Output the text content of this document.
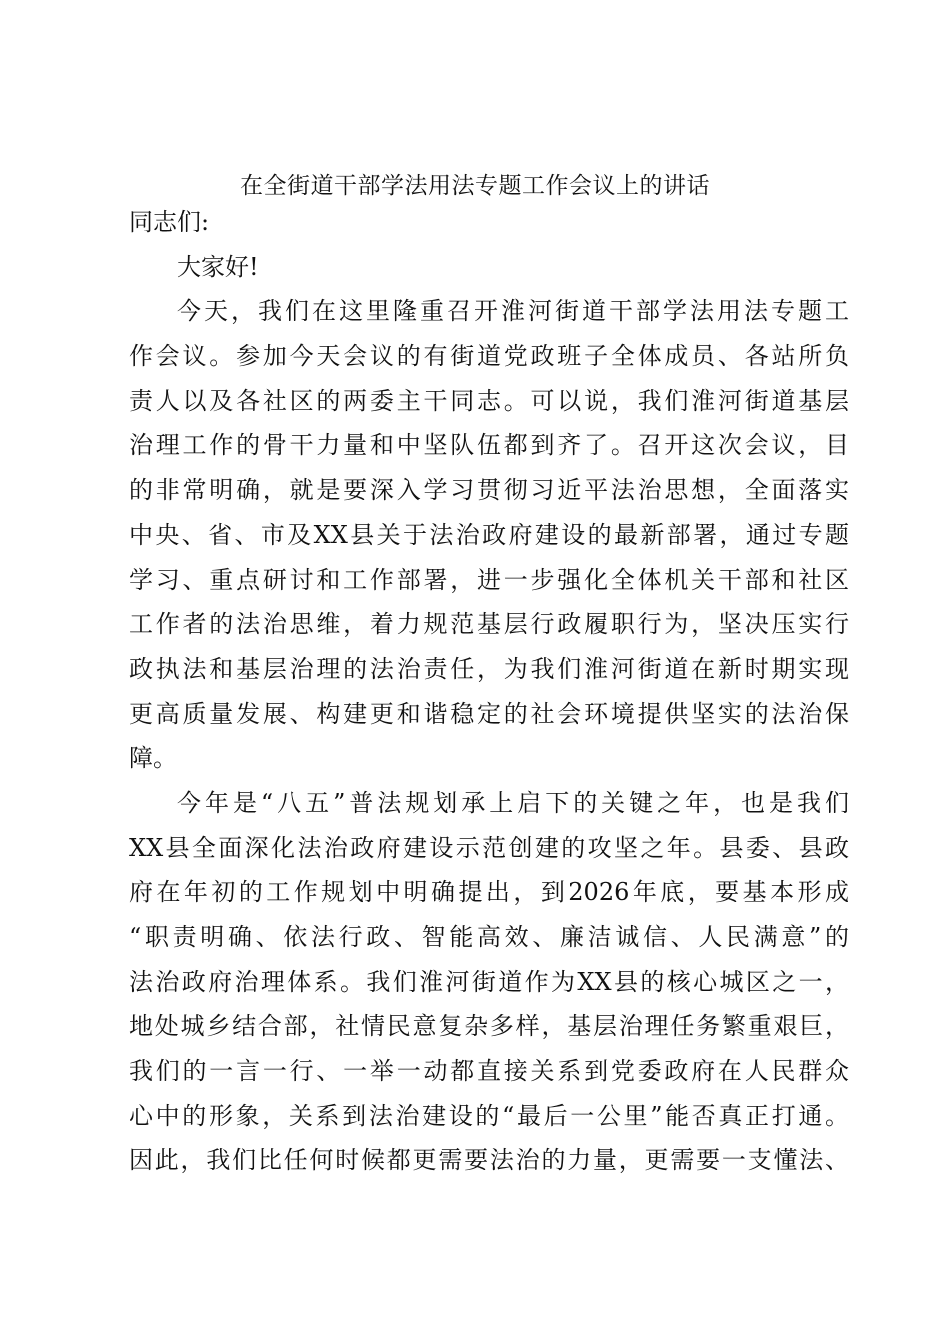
在全街道干部学法用法专题工作会议上的讲话
同志们:
大家好!
今天，我们在这里隆重召开淮河街道干部学法用法专题工
作会议。参加今天会议的有街道党政班子全体成员、各站所负
责人以及各社区的两委主干同志。可以说，我们淮河街道基层
治理工作的骨干力量和中坚队伍都到齐了。召开这次会议，目
的非常明确，就是要深入学习贯彻习近平法治思想，全面落实
中央、省、市及XX县关于法治政府建设的最新部署，通过专题
学习、重点研讨和工作部署，进一步强化全体机关干部和社区
工作者的法治思维，着力规范基层行政履职行为，坚决压实行
政执法和基层治理的法治责任，为我们淮河街道在新时期实现
更高质量发展、构建更和谐稳定的社会环境提供坚实的法治保
障。
今年是“八五”普法规划承上启下的关键之年，也是我们
XX县全面深化法治政府建设示范创建的攻坚之年。县委、县政
府在年初的工作规划中明确提出，到2026年底，要基本形成
“职责明确、依法行政、智能高效、廉洁诚信、人民满意”的
法治政府治理体系。我们淮河街道作为XX县的核心城区之一，
地处城乡结合部，社情民意复杂多样，基层治理任务繁重艰巨，
我们的一言一行、一举一动都直接关系到党委政府在人民群众
心中的形象，关系到法治建设的“最后一公里”能否真正打通。
因此，我们比任何时候都更需要法治的力量，更需要一支懂法、
